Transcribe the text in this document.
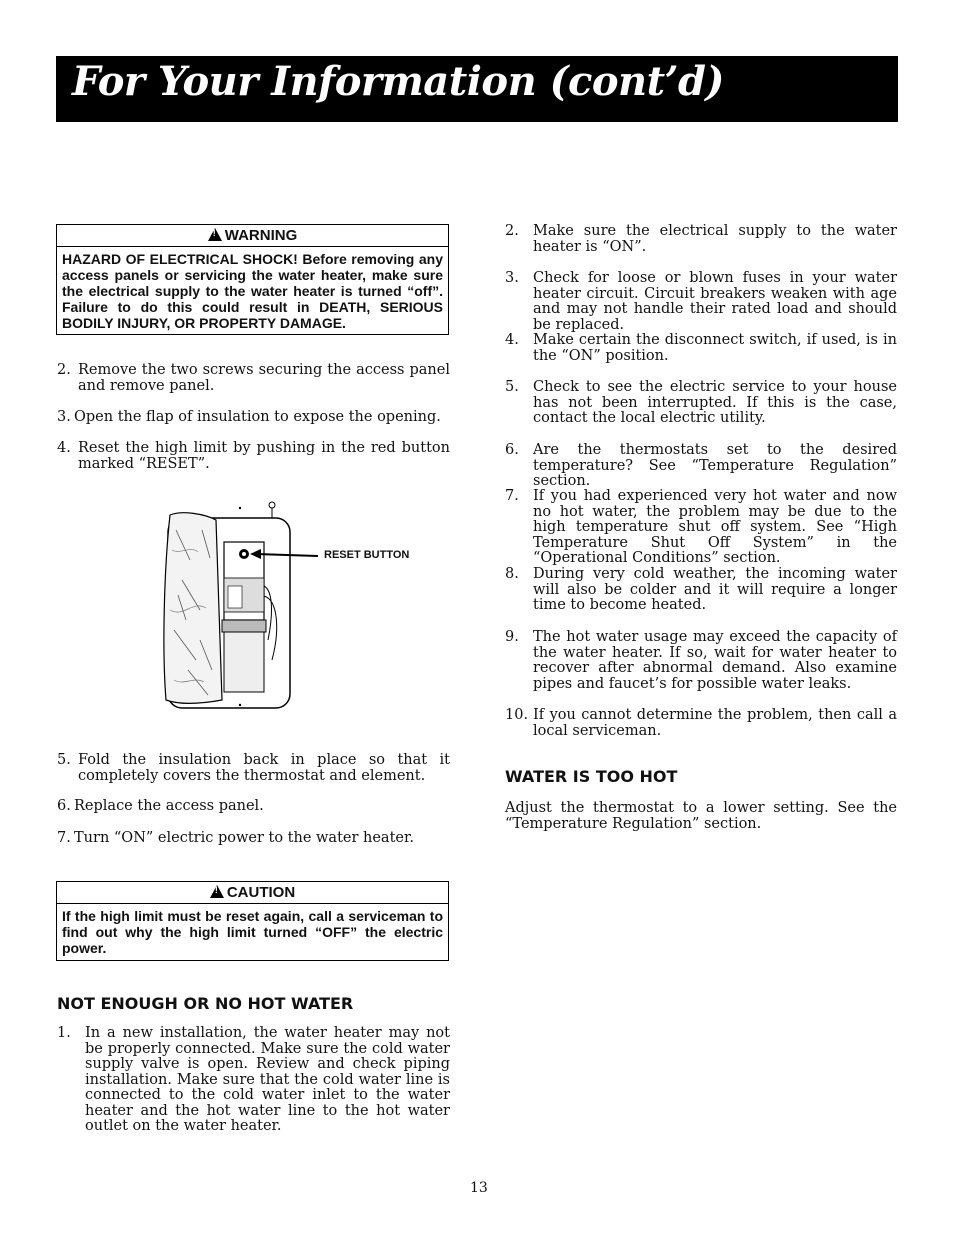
For Your Information (cont’d)
! WARNING
HAZARD OF ELECTRICAL SHOCK! Before removing any access panels or servicing the water heater, make sure the electrical supply to the water heater is turned “off”. Failure to do this could result in DEATH, SERIOUS BODILY INJURY, OR PROPERTY DAMAGE.
2. Remove the two screws securing the access panel and remove panel.
3. Open the flap of insulation to expose the opening.
4. Reset the high limit by pushing in the red button marked “RESET”.
RESET BUTTON
5. Fold the insulation back in place so that it completely covers the thermostat and element.
6. Replace the access panel.
7. Turn “ON” electric power to the water heater.
! CAUTION
If the high limit must be reset again, call a serviceman to find out why the high limit turned “OFF” the electric power.
NOT ENOUGH OR NO HOT WATER
1. In a new installation, the water heater may not be properly connected. Make sure the cold water supply valve is open. Review and check piping installation. Make sure that the cold water line is connected to the cold water inlet to the water heater and the hot water line to the hot water outlet on the water heater.
2. Make sure the electrical supply to the water heater is “ON”.
3. Check for loose or blown fuses in your water heater circuit. Circuit breakers weaken with age and may not handle their rated load and should be replaced.
4. Make certain the disconnect switch, if used, is in the “ON” position.
5. Check to see the electric service to your house has not been interrupted. If this is the case, contact the local electric utility.
6. Are the thermostats set to the desired temperature? See “Temperature Regulation” section.
7. If you had experienced very hot water and now no hot water, the problem may be due to the high temperature shut off system. See “High Temperature Shut Off System” in the “Operational Conditions” section.
8. During very cold weather, the incoming water will also be colder and it will require a longer time to become heated.
9. The hot water usage may exceed the capacity of the water heater. If so, wait for water heater to recover after abnormal demand. Also examine pipes and faucet’s for possible water leaks.
10. If you cannot determine the problem, then call a local serviceman.
WATER IS TOO HOT
Adjust the thermostat to a lower setting. See the “Temperature Regulation” section.
13
